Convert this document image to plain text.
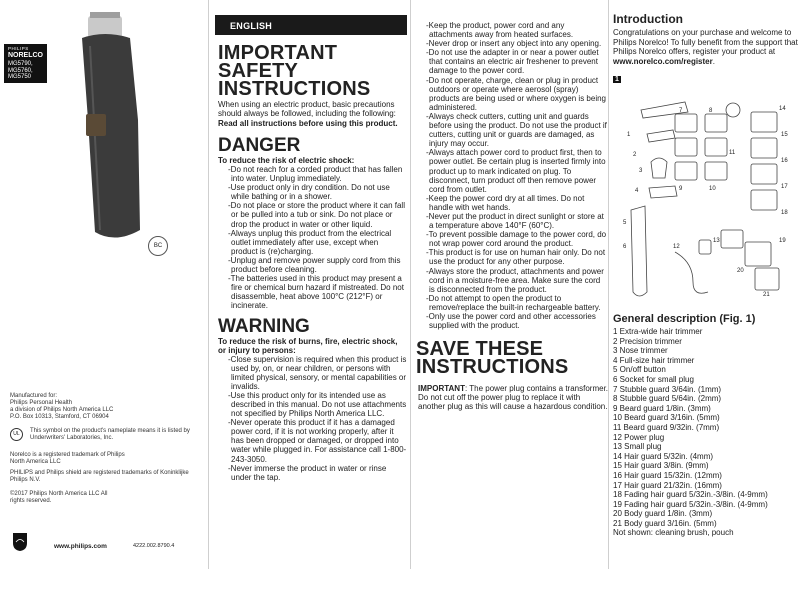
PHILIPS
NORELCO
MG5790,
MG5760,
MG5750
BC
Manufactured for:
Philips Personal Health
a division of Philips North America LLC
P.O. Box 10313, Stamford, CT 06904
UL	This symbol on the product's nameplate means it is listed by Underwriters' Laboratories, Inc.
Norelco is a registered trademark of Philips North America LLC
PHILIPS and Philips shield are registered trademarks of Koninklijke Philips N.V.
©2017 Philips North America LLC All rights reserved.
www.philips.com	4222.002.8790.4
ENGLISH
IMPORTANT SAFETY INSTRUCTIONS
When using an electric product, basic precautions should always be followed, including the following:
Read all instructions before using this product.
DANGER
To reduce the risk of electric shock:
- Do not reach for a corded product that has fallen into water. Unplug immediately.
- Use product only in dry condition. Do not use while bathing or in a shower.
- Do not place or store the product where it can fall or be pulled into a tub or sink. Do not place or drop the product in water or other liquid.
- Always unplug this product from the electrical outlet immediately after use, except when product is (re)charging.
- Unplug and remove power supply cord from this product before cleaning.
- The batteries used in this product may present a fire or chemical burn hazard if mistreated. Do not disassemble, heat above 100°C (212°F) or incinerate.
WARNING
To reduce the risk of burns, fire, electric shock, or injury to persons:
- Close supervision is required when this product is used by, on, or near children, or persons with limited physical, sensory, or mental capabilities or invalids.
- Use this product only for its intended use as described in this manual. Do not use attachments not specified by Philips North America LLC.
- Never operate this product if it has a damaged power cord, if it is not working properly, after it has been dropped or damaged, or dropped into water while plugged in. For assistance call 1-800-243-3050.
- Never immerse the product in water or rinse under the tap.
- Keep the product, power cord and any attachments away from heated surfaces.
- Never drop or insert any object into any opening.
- Do not use the adapter in or near a power outlet that contains an electric air freshener to prevent damage to the power cord.
- Do not operate, charge, clean or plug in product outdoors or operate where aerosol (spray) products are being used or where oxygen is being administered.
- Always check cutters, cutting unit and guards before using the product. Do not use the product if cutters, cutting unit or guards are damaged, as injury may occur.
- Always attach power cord to product first, then to power outlet. Be certain plug is inserted firmly into product up to mark indicated on plug. To disconnect, turn product off then remove power cord from outlet.
- Keep the power cord dry at all times. Do not handle with wet hands.
- Never put the product in direct sunlight or store at a temperature above 140°F (60°C).
- To prevent possible damage to the power cord, do not wrap power cord around the product.
- This product is for use on human hair only. Do not use the product for any other purpose.
- Always store the product, attachments and power cord in a moisture-free area. Make sure the cord is disconnected from the product.
- Do not attempt to open the product to remove/replace the built-in rechargeable battery.
- Only use the power cord and other accessories supplied with the product.
SAVE THESE INSTRUCTIONS
IMPORTANT: The power plug contains a transformer. Do not cut off the power plug to replace it with another plug as this will cause a hazardous condition.
Introduction

Congratulations on your purchase and welcome to Philips Norelco! To fully benefit from the support that Philips Norelco offers, register your product at www.norelco.com/register.

1
1
2
3
4
5
6
7	8
9	10
11
12
13
14
15
16
17
18
19
20
21
General description (Fig. 1)
1 Extra-wide hair trimmer
2 Precision trimmer
3 Nose trimmer
4 Full-size hair trimmer
5 On/off button
6 Socket for small plug
7 Stubble guard 3/64in. (1mm)
8 Stubble guard 5/64in. (2mm)
9 Beard guard 1/8in. (3mm)
10 Beard guard 3/16in. (5mm)
11 Beard guard 9/32in. (7mm)
12 Power plug
13 Small plug
14 Hair guard 5/32in. (4mm)
15 Hair guard 3/8in. (9mm)
16 Hair guard 15/32in. (12mm)
17 Hair guard 21/32in. (16mm)
18 Fading hair guard 5/32in.-3/8in. (4-9mm)
19 Fading hair guard 5/32in.-3/8in. (4-9mm)
20 Body guard 1/8in. (3mm)
21 Body guard 3/16in. (5mm)
Not shown: cleaning brush, pouch
